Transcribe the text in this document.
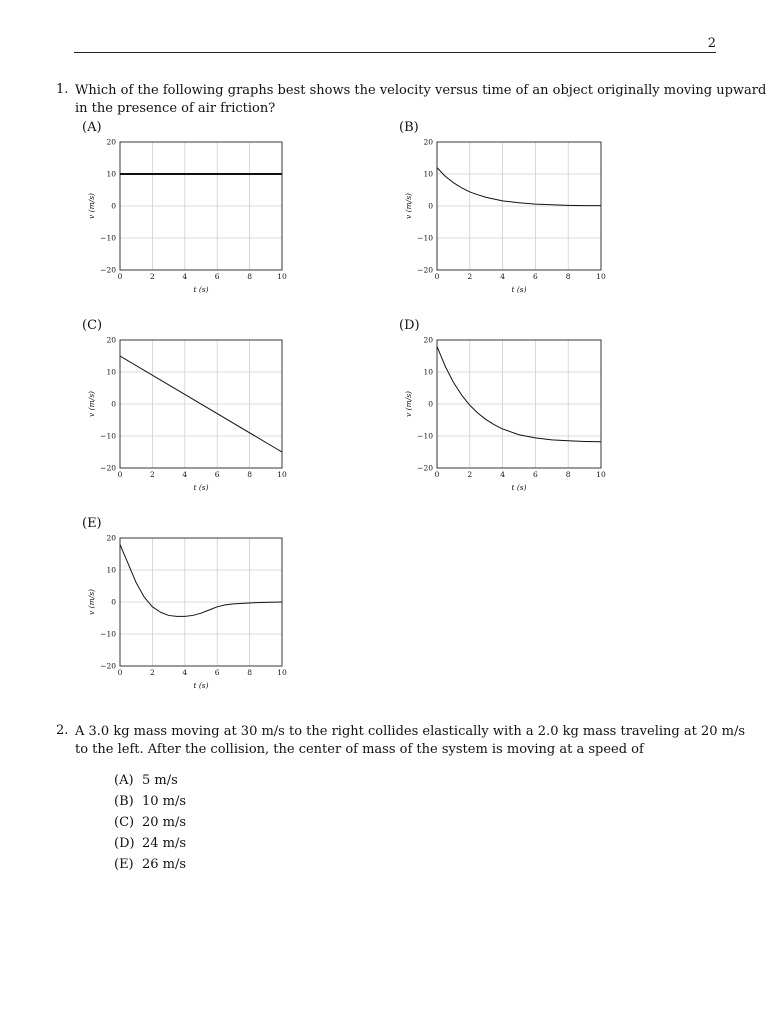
2
1. Which of the following graphs best shows the velocity versus time of an object originally moving upward
in the presence of air friction?
(A)	(B)
(C)	(D)
(E)
0	2	4	6	8	10
20
10
0
−10
−20
t (s)
v (m/s)
0	2	4	6	8	10
20
10
0
−10
−20
t (s)
v (m/s)
0	2	4	6	8	10
20
10
0
−10
−20
t (s)
v (m/s)
0	2	4	6	8	10
20
10
0
−10
−20
t (s)
v (m/s)
0	2	4	6	8	10
20
10
0
−10
−20
t (s)
v (m/s)
2. A 3.0 kg mass moving at 30 m/s to the right collides elastically with a 2.0 kg mass traveling at 20 m/s
to the left. After the collision, the center of mass of the system is moving at a speed of
(A) 5 m/s
(B) 10 m/s
(C) 20 m/s
(D) 24 m/s
(E) 26 m/s
